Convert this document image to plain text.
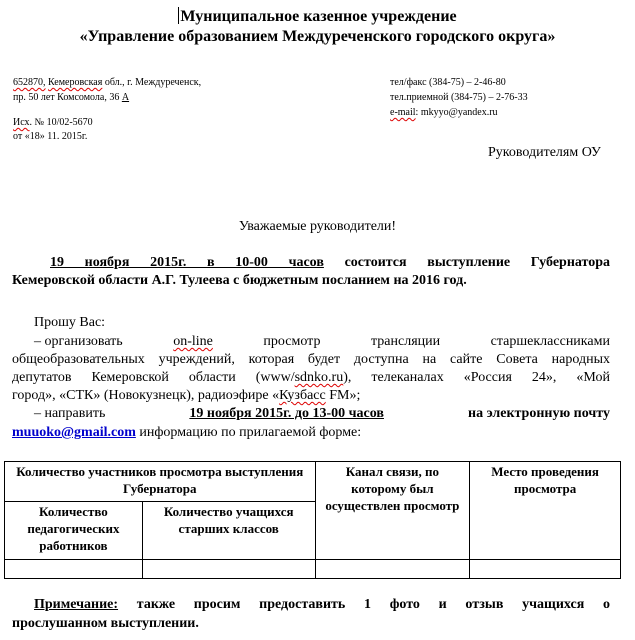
Муниципальное казенное учреждение
«Управление образованием Междуреченского городского округа»
652870, Кемеровская обл., г. Междуреченск,
пр. 50 лет Комсомола, 36 А
тел/факс (384-75) – 2-46-80
тел.приемной (384-75) – 2-76-33
e-mail: mkyyo@yandex.ru
Исх. № 10/02-5670
от «18» 11. 2015г.
Руководителям ОУ
Уважаемые руководители!
19 ноября 2015г. в 10-00 часов состоится выступление Губернатора
Кемеровской области А.Г. Тулеева с бюджетным посланием на 2016 год.
Прошу Вас:
– организовать	on-line	просмотр	трансляции	старшеклассниками
общеобразовательных учреждений, которая будет доступна на сайте Совета народных
депутатов Кемеровской области (www/sdnko.ru), телеканалах «Россия 24», «Мой
город», «СТК» (Новокузнецк), радиоэфире «Кузбасс FM»;
– направить	19 ноября 2015г. до 13-00 часов	на электронную почту
muuoko@gmail.com информацию по прилагаемой форме:
Количество участников просмотра выступления Губернатора		Канал связи, по которому был осуществлен просмотр	Место проведения просмотра
Количество педагогических работников	Количество учащихся старших классов		

Примечание: также просим предоставить 1 фото и отзыв учащихся о
прослушанном выступлении.
